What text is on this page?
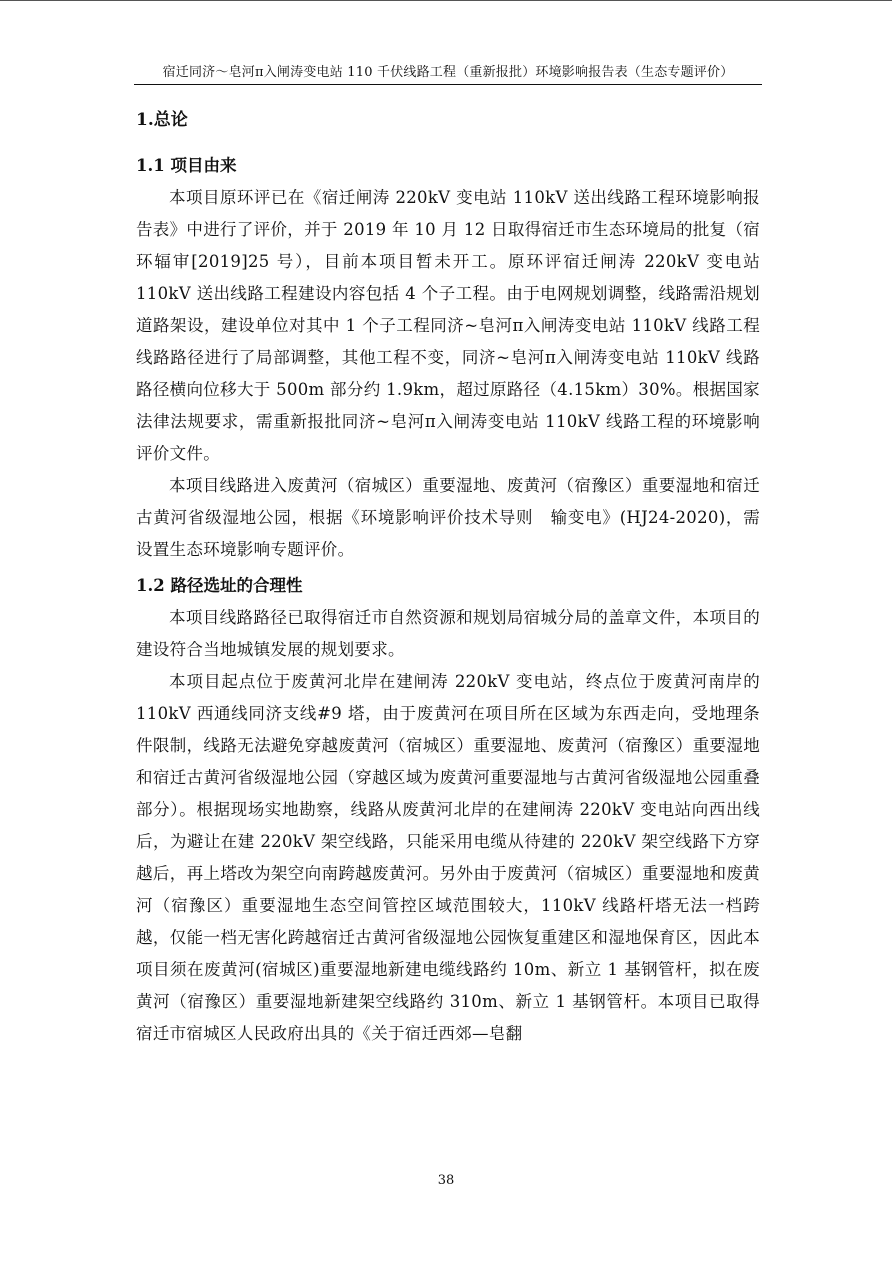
宿迁同济～皂河π入闸涛变电站 110 千伏线路工程（重新报批）环境影响报告表（生态专题评价）
1.总论
1.1 项目由来

本项目原环评已在《宿迁闸涛 220kV 变电站 110kV 送出线路工程环境影响报告表》中进行了评价，并于 2019 年 10 月 12 日取得宿迁市生态环境局的批复（宿环辐审[2019]25 号），目前本项目暂未开工。原环评宿迁闸涛 220kV 变电站 110kV 送出线路工程建设内容包括 4 个子工程。由于电网规划调整，线路需沿规划道路架设，建设单位对其中 1 个子工程同济~皂河π入闸涛变电站 110kV 线路工程线路路径进行了局部调整，其他工程不变，同济~皂河π入闸涛变电站 110kV 线路路径横向位移大于 500m 部分约 1.9km，超过原路径（4.15km）30%。根据国家法律法规要求，需重新报批同济~皂河π入闸涛变电站 110kV 线路工程的环境影响评价文件。

本项目线路进入废黄河（宿城区）重要湿地、废黄河（宿豫区）重要湿地和宿迁古黄河省级湿地公园，根据《环境影响评价技术导则　输变电》(HJ24-2020)，需设置生态环境影响专题评价。

1.2 路径选址的合理性

本项目线路路径已取得宿迁市自然资源和规划局宿城分局的盖章文件，本项目的建设符合当地城镇发展的规划要求。

本项目起点位于废黄河北岸在建闸涛 220kV 变电站，终点位于废黄河南岸的 110kV 西通线同济支线#9 塔，由于废黄河在项目所在区域为东西走向，受地理条件限制，线路无法避免穿越废黄河（宿城区）重要湿地、废黄河（宿豫区）重要湿地和宿迁古黄河省级湿地公园（穿越区域为废黄河重要湿地与古黄河省级湿地公园重叠部分）。根据现场实地勘察，线路从废黄河北岸的在建闸涛 220kV 变电站向西出线后，为避让在建 220kV 架空线路，只能采用电缆从待建的 220kV 架空线路下方穿越后，再上塔改为架空向南跨越废黄河。另外由于废黄河（宿城区）重要湿地和废黄河（宿豫区）重要湿地生态空间管控区域范围较大，110kV 线路杆塔无法一档跨越，仅能一档无害化跨越宿迁古黄河省级湿地公园恢复重建区和湿地保育区，因此本项目须在废黄河(宿城区)重要湿地新建电缆线路约 10m、新立 1 基钢管杆，拟在废黄河（宿豫区）重要湿地新建架空线路约 310m、新立 1 基钢管杆。本项目已取得宿迁市宿城区人民政府出具的《关于宿迁西郊—皂翻

38
